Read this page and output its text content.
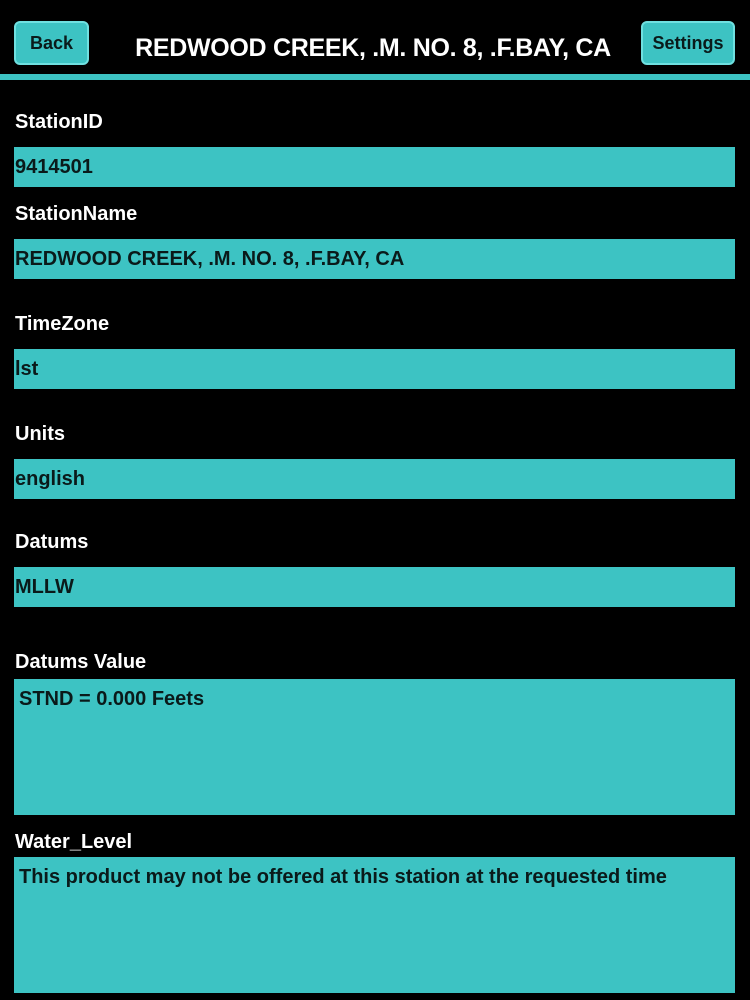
Back	REDWOOD CREEK, .M. NO. 8, .F.BAY, CA	Settings
StationID
9414501
StationName
REDWOOD CREEK, .M. NO. 8, .F.BAY, CA
TimeZone
lst
Units
english
Datums
MLLW
Datums Value
STND = 0.000 Feets
Water_Level
This product may not be offered at this station at the requested time
